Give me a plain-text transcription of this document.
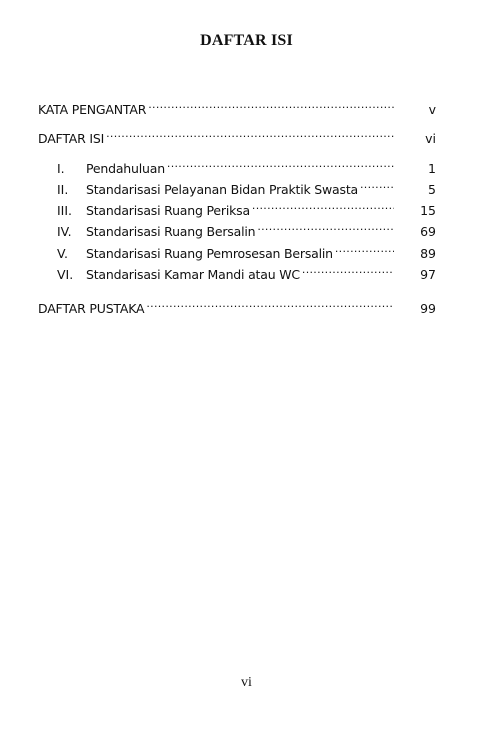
DAFTAR ISI
KATA PENGANTAR .....	v
DAFTAR ISI .....	vi
I.	Pendahuluan .....	1
II.	Standarisasi Pelayanan Bidan Praktik Swasta .....	5
III.	Standarisasi Ruang Periksa .....	15
IV.	Standarisasi Ruang Bersalin .....	69
V.	Standarisasi Ruang Pemrosesan Bersalin .....	89
VI.	Standarisasi Kamar Mandi atau WC .....	97
DAFTAR PUSTAKA .....	99
vi
